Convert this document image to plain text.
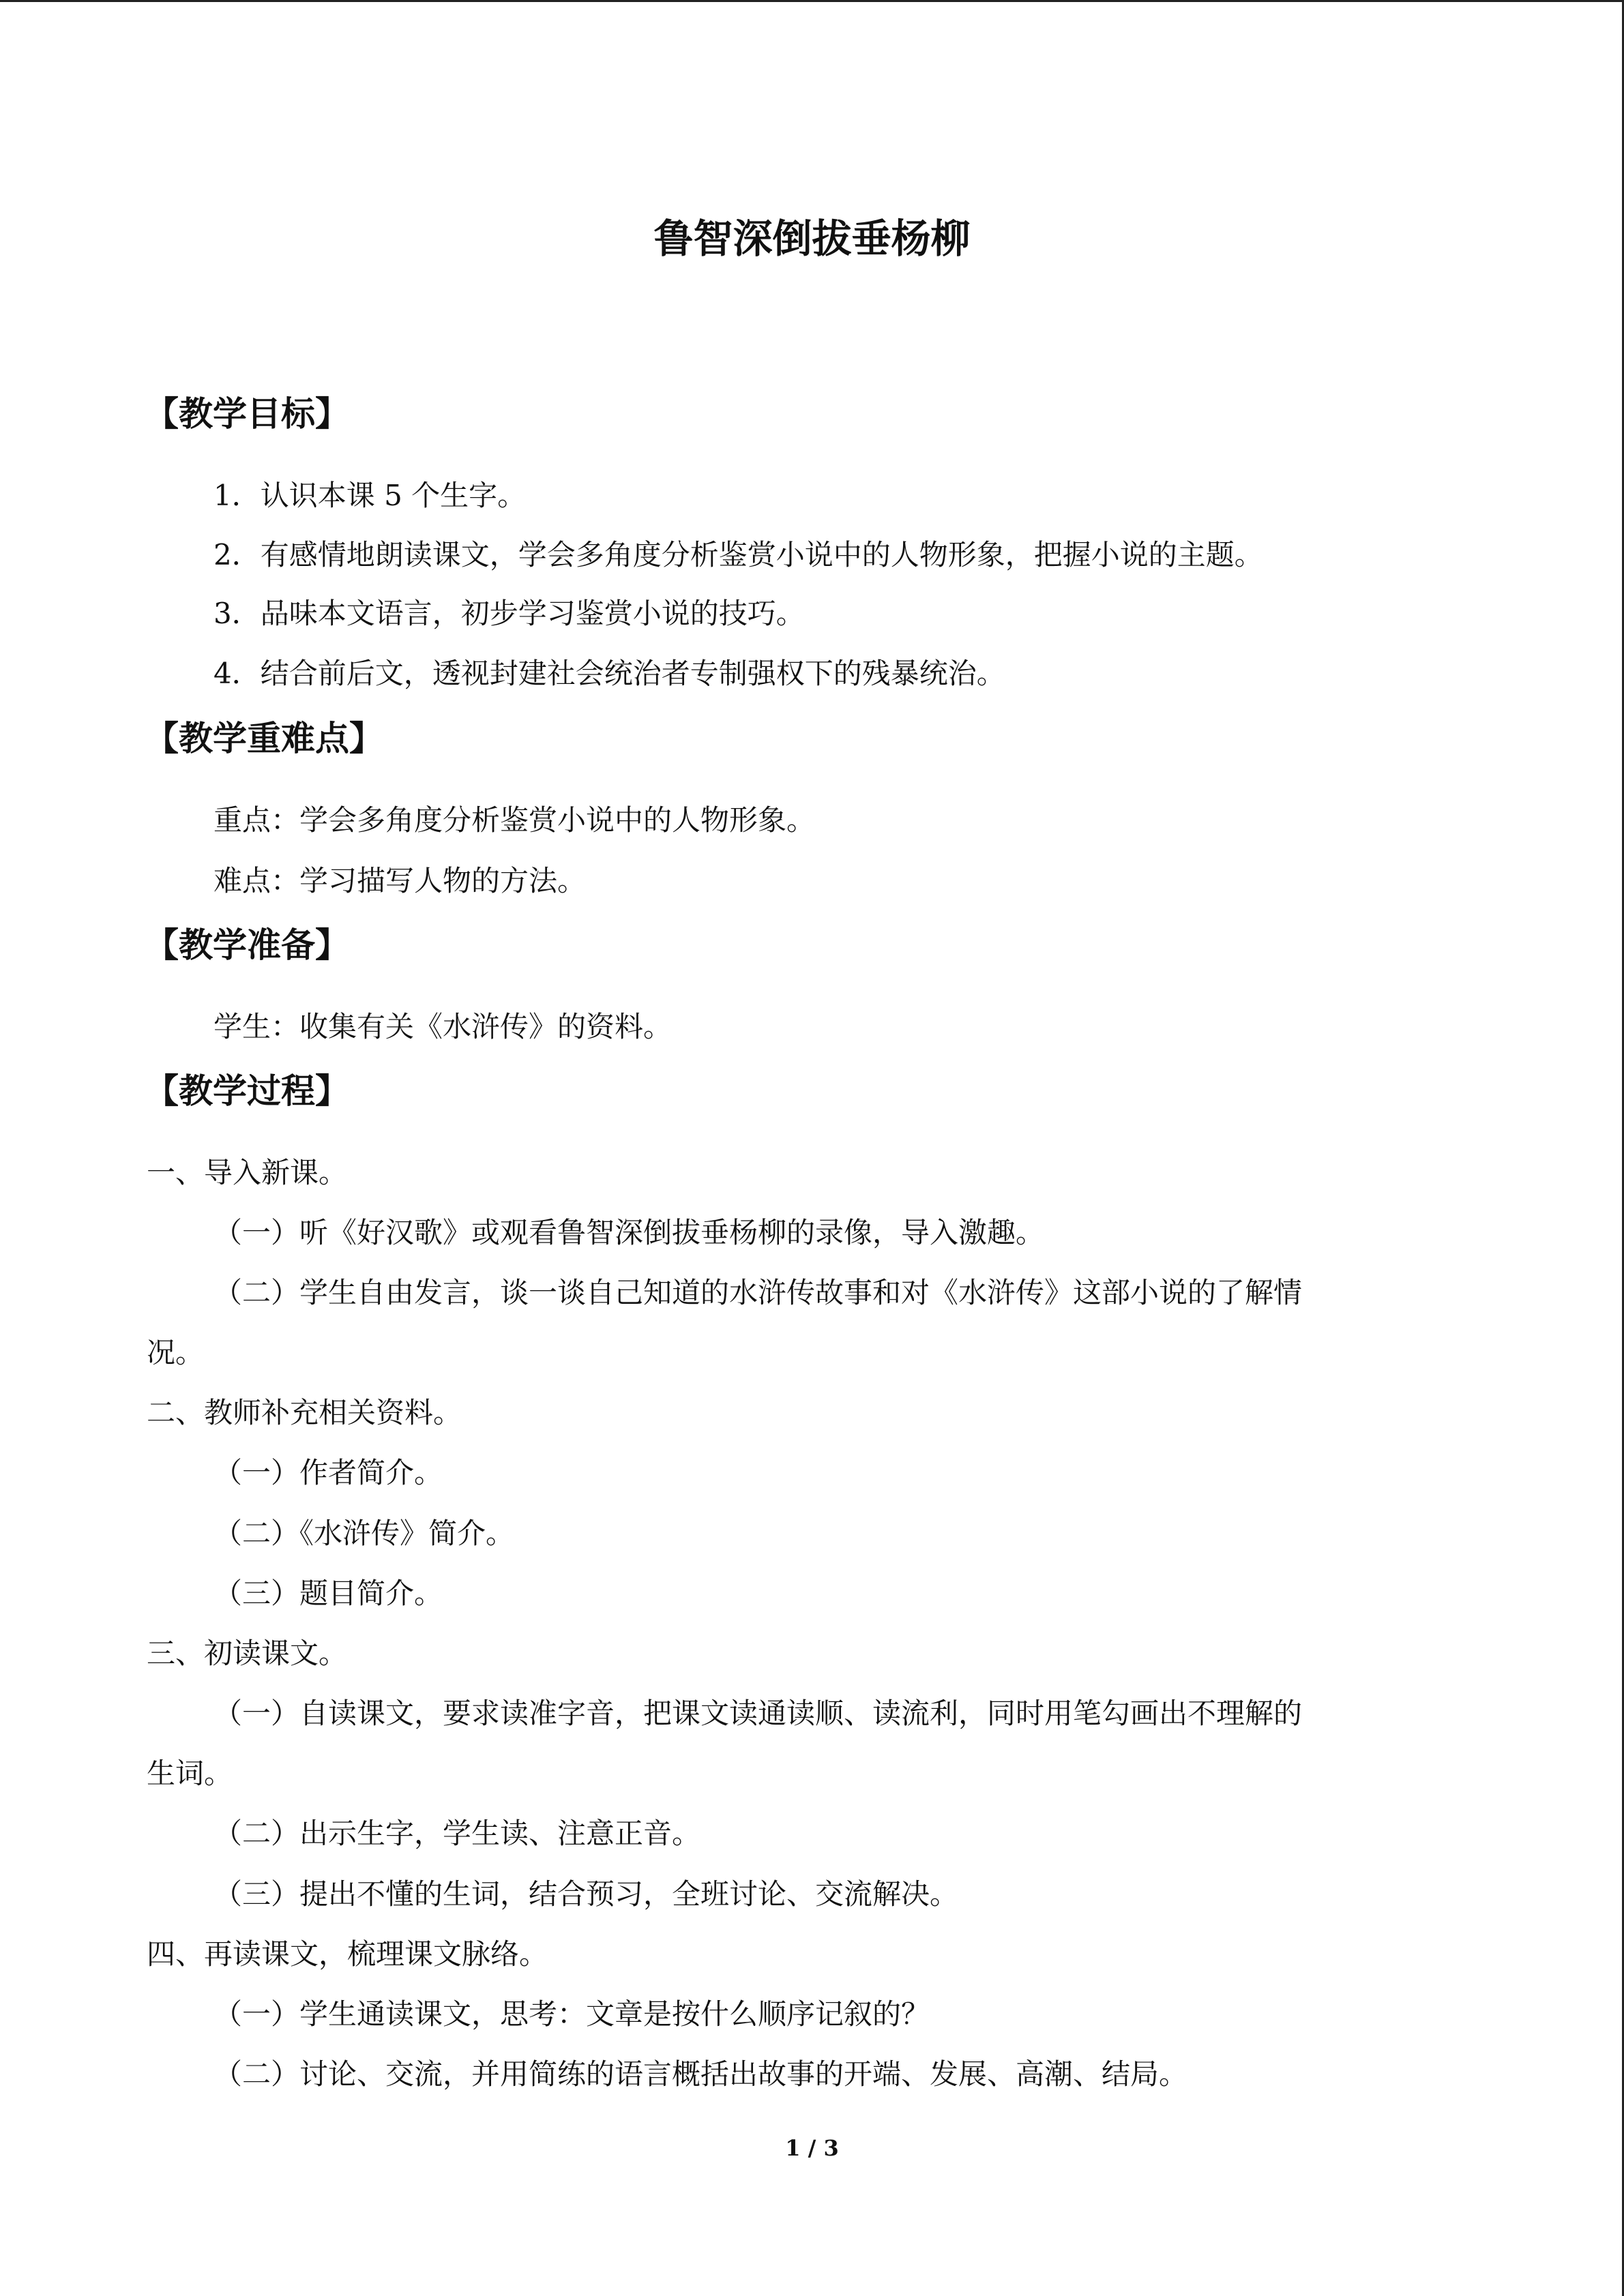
鲁智深倒拔垂杨柳
【教学目标】

1．认识本课 5 个生字。

2．有感情地朗读课文，学会多角度分析鉴赏小说中的人物形象，把握小说的主题。

3．品味本文语言，初步学习鉴赏小说的技巧。

4．结合前后文，透视封建社会统治者专制强权下的残暴统治。

【教学重难点】

重点：学会多角度分析鉴赏小说中的人物形象。

难点：学习描写人物的方法。

【教学准备】

学生：收集有关《水浒传》的资料。

【教学过程】

一、导入新课。

（一）听《好汉歌》或观看鲁智深倒拔垂杨柳的录像，导入激趣。

（二）学生自由发言，谈一谈自己知道的水浒传故事和对《水浒传》这部小说的了解情

况。

二、教师补充相关资料。

（一）作者简介。

（二）《水浒传》简介。

（三）题目简介。

三、初读课文。

（一）自读课文，要求读准字音，把课文读通读顺、读流利，同时用笔勾画出不理解的

生词。

（二）出示生字，学生读、注意正音。

（三）提出不懂的生词，结合预习，全班讨论、交流解决。

四、再读课文，梳理课文脉络。

（一）学生通读课文，思考：文章是按什么顺序记叙的？

（二）讨论、交流，并用简练的语言概括出故事的开端、发展、高潮、结局。

1 / 3
